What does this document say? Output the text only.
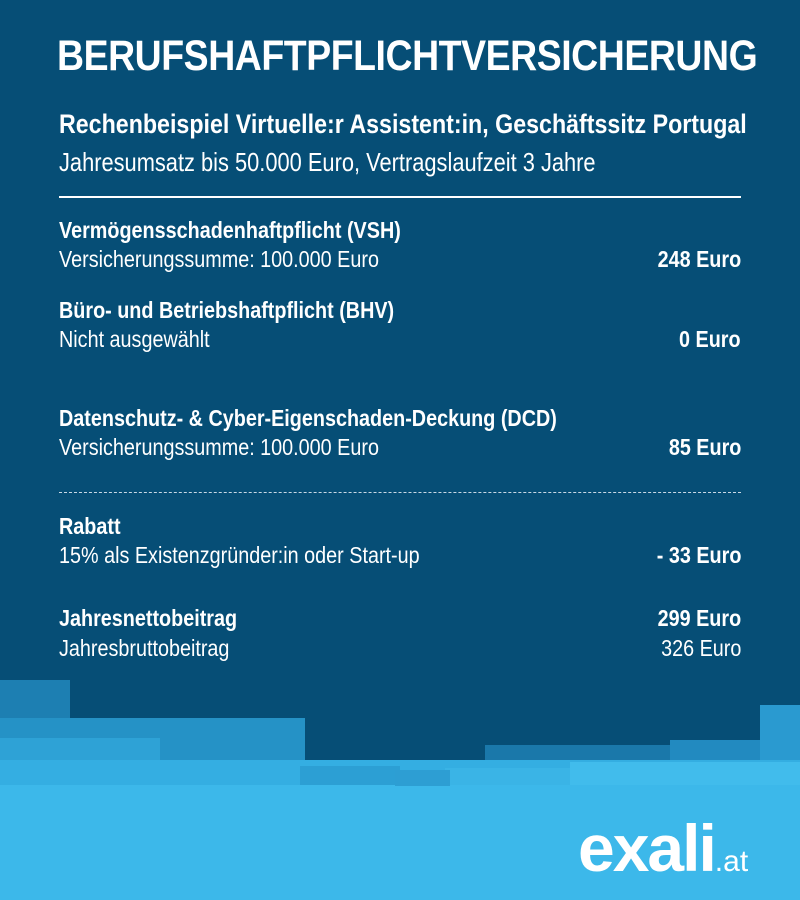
BERUFSHAFTPFLICHTVERSICHERUNG
Rechenbeispiel Virtuelle:r Assistent:in, Geschäftssitz Portugal
Jahresumsatz bis 50.000 Euro, Vertragslaufzeit 3 Jahre
Vermögensschadenhaftpflicht (VSH)
Versicherungssumme: 100.000 Euro	248 Euro
Büro- und Betriebshaftpflicht (BHV)
Nicht ausgewählt	0 Euro
Datenschutz- & Cyber-Eigenschaden-Deckung (DCD)
Versicherungssumme: 100.000 Euro	85 Euro
Rabatt
15% als Existenzgründer:in oder Start-up	- 33 Euro
Jahresnettobeitrag	299 Euro
Jahresbruttobeitrag	326 Euro
exali.at
